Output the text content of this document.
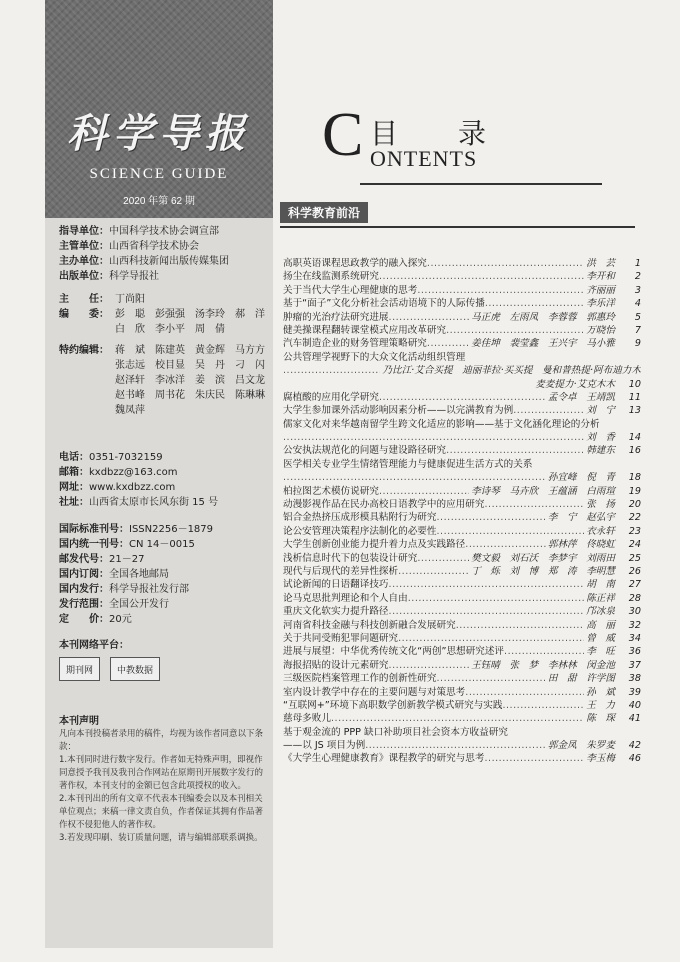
科学导报
SCIENCE GUIDE
2020 年第 62 期
指导单位：中国科学技术协会调宣部
主管单位：山西省科学技术协会
主办单位：山西科技新闻出版传媒集团
出版单位：科学导报社
主　　任： 丁尚阳
编　　委： 彭　聪　彭强强　汤李玲　郝　洋　白　欣　李小平　周　倩
特约编辑： 蒋　斌　陈建英　黄金辉　马方方　张志远　校目显　吴　丹　刁　闪　赵泽轩　李冰洋　姜　滨　吕文龙　赵书峰　周书花　朱庆民　陈琳琳　魏凤萍
电话：0351-7032159
邮箱：kxdbzz@163.com
网址：www.kxdbzz.com
社址：山西省太原市长风东街 15 号
国际标准刊号：ISSN2256－1879
国内统一刊号：CN 14－0015
邮发代号：21－27
国内订阅：全国各地邮局
国内发行：科学导报社发行部
发行范围：全国公开发行
定　　价：20元
本刊网络平台：
期刊网	中教数据
本刊声明

凡向本刊投稿者录用的稿件，均视为该作者同意以下条款：

1.本刊同时进行数字发行。作者如无特殊声明，即视作同意授予我刊及我刊合作网站在原期刊开展数字发行的著作权，本刊支付的金额已包含此项授权的收入。

2.本刊刊出的所有文章不代表本刊编委会以及本刊相关单位观点；来稿一律文责自负，作者保证其拥有作品著作权不侵犯他人的著作权。

3.若发现印刷、装订质量问题，请与编辑部联系调换。

C 目录
ONTENTS
科学教育前沿
高职英语课程思政教学的融入探究 .....	洪　芸	1
扬尘在线监测系统研究 .....	李开和	2
关于当代大学生心理健康的思考 .....	齐丽丽	3
基于“面子”文化分析社会活动语境下的人际传播 .....	李乐洋	4
肿瘤的光治疗法研究进展 .....	马正虎　左雨凤　李蓉蓉　郭惠玲	5
健美操课程翻转课堂模式应用改革研究 .....	万晓怡	7
汽车制造企业的财务管理策略研究 .....	姜佳坤　裴莹鑫　王兴宇　马小雅	9
公共管理学视野下的大众文化活动组织管理
.....
乃比江·艾合买提　迪丽菲拉·买买提　曼和普热提·阿布迪力木
麦麦提力·艾克木木	10
腐植酸的应用化学研究 .....	孟令卓　王靖凯	11
大学生参加课外活动影响因素分析——以完满教育为例 .....	刘　宁	13
儒家文化对来华越南留学生跨文化适应的影响——基于文化涵化理论的分析
.....
刘　香	14
公安执法规范化的问题与建设路径研究 .....	韩建东	16
医学相关专业学生情绪管理能力与健康促进生活方式的关系
.....
孙宜峰　倪　青	18
柏拉图艺术模仿说研究 .....	李诗琴　马卉欣　王蕴涵　白雨瑄	19
动漫影视作品在民办高校日语教学中的应用研究 .....	张　扬	20
铝合金热挤压成形模具粘附行为研究 .....	李　宁　赵弘宇	22
论公安管理决策程序法制化的必要性 .....	衣永轩	23
大学生创新创业能力提升着力点及实践路径 .....	郭林萍　佟晓虹	24
浅析信息时代下的包装设计研究 .....	樊文毅　刘石沃　李梦宇　刘雨田	25
现代与后现代的差异性探析 .....	丁　烁　刘　博　郑　涛　李明慧	26
试论新闻的日语翻译技巧 .....	胡　南	27
论马克思批判理论和个人自由 .....	陈正祥	28
重庆文化软实力提升路径 .....	邝冰泉	30
河南省科技金融与科技创新融合发展研究 .....	高　丽	32
关于共同受贿犯罪问题研究 .....	曾　威	34
进展与展望：中华优秀传统文化“两创”思想研究述评 .....	李　旺	36
海报招贴的设计元素研究 .....	王钰晴　张　梦　李林林　闵金池	37
三级医院档案管理工作的创新性研究 .....	田　甜　许学图	38
室内设计教学中存在的主要问题与对策思考 .....	孙　斌	39
“互联网+”环境下高职数学创新教学模式研究与实践 .....	王　力	40
慈母多败儿 .....	陈　琛	41
基于观金流的 PPP 缺口补助项目社会资本方收益研究
——以 JS 项目为例 .....	郭金凤　朱罗麦	42
《大学生心理健康教育》课程教学的研究与思考 .....	李玉梅	46
